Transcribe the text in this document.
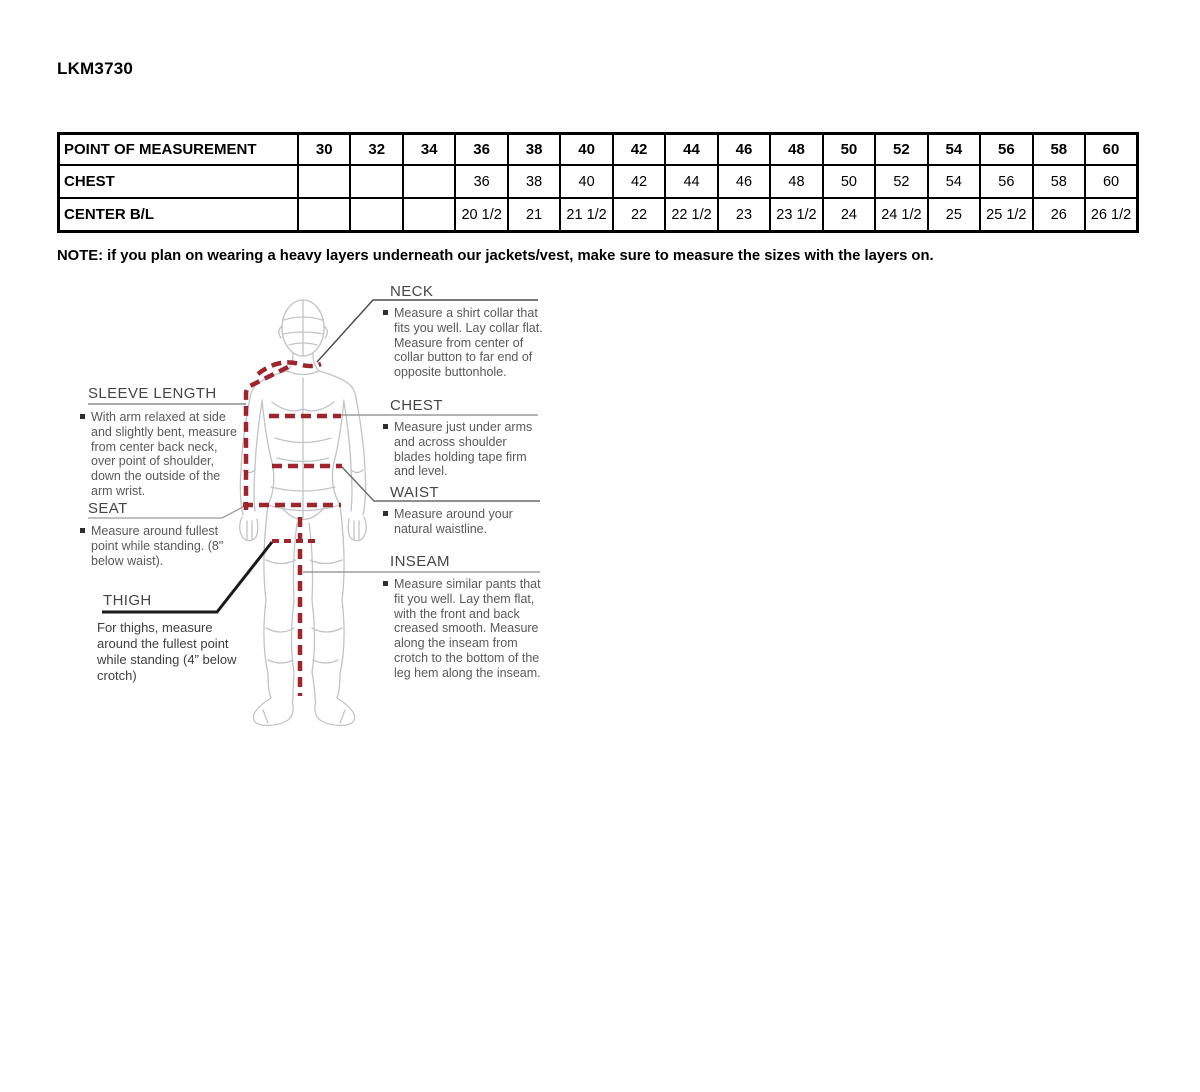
LKM3730
POINT OF MEASUREMENT	30	32	34	36	38	40	42	44	46	48	50	52	54	56	58	60
CHEST				36	38	40	42	44	46	48	50	52	54	56	58	60
CENTER B/L				20 1/2	21	21 1/2	22	22 1/2	23	23 1/2	24	24 1/2	25	25 1/2	26	26 1/2

NOTE: if you plan on wearing a heavy layers underneath our jackets/vest, make sure to measure the sizes with the layers on.

NECK
Measure a shirt collar that fits you well. Lay collar flat. Measure from center of collar button to far end of opposite buttonhole.
CHEST
Measure just under arms and across shoulder blades holding tape firm and level.
WAIST
Measure around your natural waistline.
INSEAM
Measure similar pants that fit you well. Lay them flat, with the front and back creased smooth. Measure along the inseam from crotch to the bottom of the leg hem along the inseam.
SLEEVE LENGTH
With arm relaxed at side and slightly bent, measure from center back neck, over point of shoulder, down the outside of the arm wrist.
SEAT
Measure around fullest point while standing. (8" below waist).
THIGH
For thighs, measure around the fullest point while standing (4” below crotch)
